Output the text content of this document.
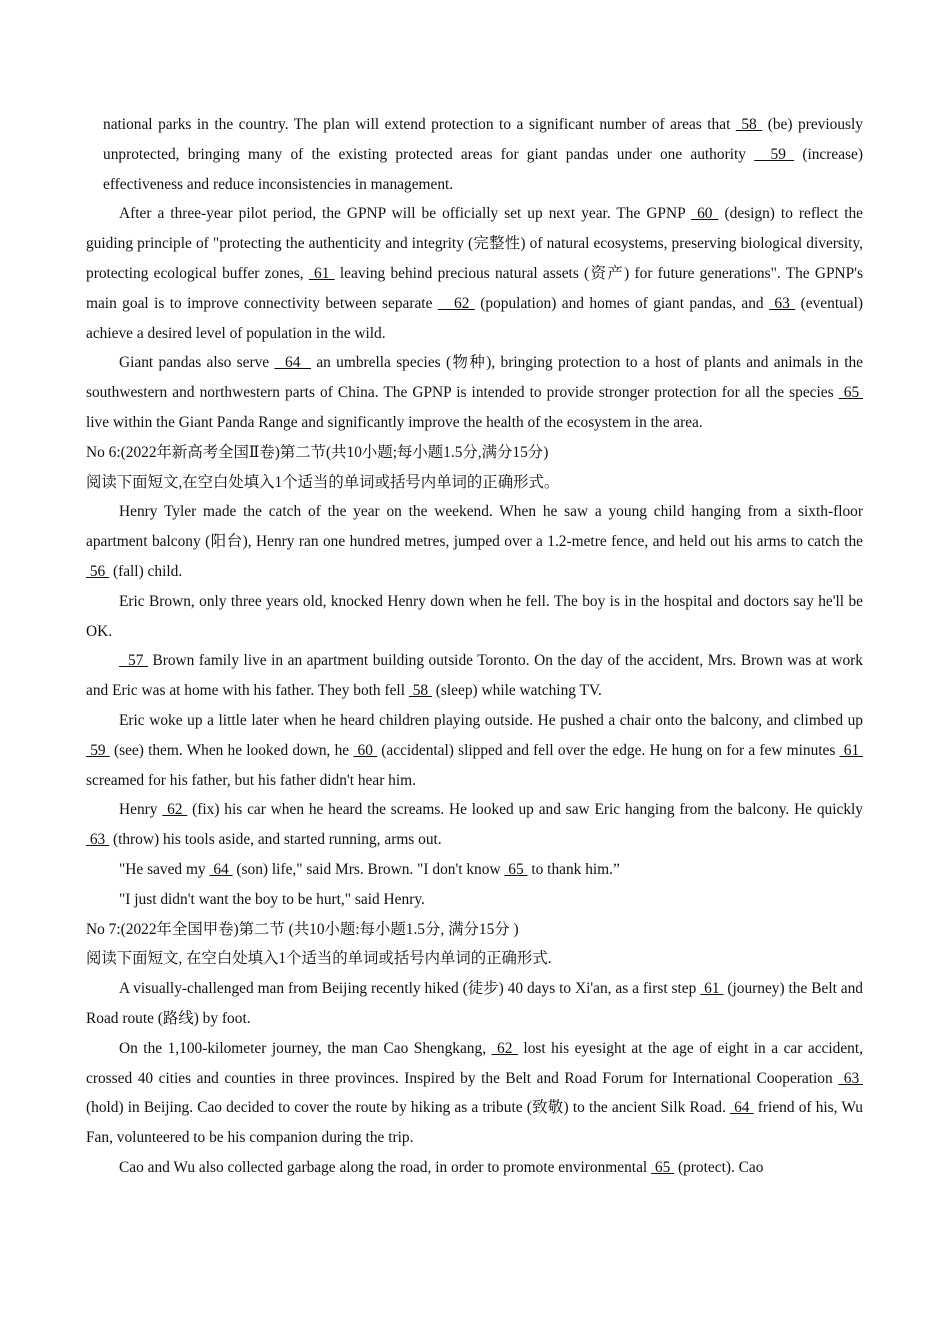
national parks in the country. The plan will extend protection to a significant number of areas that  58  (be) previously unprotected, bringing many of the existing protected areas for giant pandas under one authority   59  (increase) effectiveness and reduce inconsistencies in management.

After a three-year pilot period, the GPNP will be officially set up next year. The GPNP  60  (design) to reflect the guiding principle of "protecting the authenticity and integrity (完整性) of natural ecosystems, preserving biological diversity, protecting ecological buffer zones,  61  leaving behind precious natural assets (资产) for future generations". The GPNP's main goal is to improve connectivity between separate    62  (population) and homes of giant pandas, and  63  (eventual) achieve a desired level of population in the wild.

Giant pandas also serve   64   an umbrella species (物种), bringing protection to a host of plants and animals in the southwestern and northwestern parts of China. The GPNP is intended to provide stronger protection for all the species  65  live within the Giant Panda Range and significantly improve the health of the ecosystem in the area.

No 6:(2022年新高考全国Ⅱ卷)第二节(共10小题;每小题1.5分,满分15分)

阅读下面短文,在空白处填入1个适当的单词或括号内单词的正确形式。

Henry Tyler made the catch of the year on the weekend. When he saw a young child hanging from a sixth-floor apartment balcony (阳台), Henry ran one hundred metres, jumped over a 1.2-metre fence, and held out his arms to catch the  56  (fall) child.

Eric Brown, only three years old, knocked Henry down when he fell. The boy is in the hospital and doctors say he'll be OK.

57  Brown family live in an apartment building outside Toronto. On the day of the accident, Mrs. Brown was at work and Eric was at home with his father. They both fell  58  (sleep) while watching TV.

Eric woke up a little later when he heard children playing outside. He pushed a chair onto the balcony, and climbed up  59  (see) them. When he looked down, he  60  (accidental) slipped and fell over the edge. He hung on for a few minutes  61  screamed for his father, but his father didn't hear him.

Henry  62  (fix) his car when he heard the screams. He looked up and saw Eric hanging from the balcony. He quickly  63  (throw) his tools aside, and started running, arms out.

"He saved my  64  (son) life," said Mrs. Brown. "I don't know  65  to thank him.”

"I just didn't want the boy to be hurt," said Henry.

No 7:(2022年全国甲卷)第二节 (共10小题:每小题1.5分, 满分15分 )

阅读下面短文, 在空白处填入1个适当的单词或括号内单词的正确形式.

A visually-challenged man from Beijing recently hiked (徒步) 40 days to Xi'an, as a first step  61  (journey) the Belt and Road route (路线) by foot.

On the 1,100-kilometer journey, the man Cao Shengkang,  62  lost his eyesight at the age of eight in a car accident, crossed 40 cities and counties in three provinces. Inspired by the Belt and Road Forum for International Cooperation  63  (hold) in Beijing. Cao decided to cover the route by hiking as a tribute (致敬) to the ancient Silk Road.  64  friend of his, Wu Fan, volunteered to be his companion during the trip.

Cao and Wu also collected garbage along the road, in order to promote environmental  65  (protect). Cao
